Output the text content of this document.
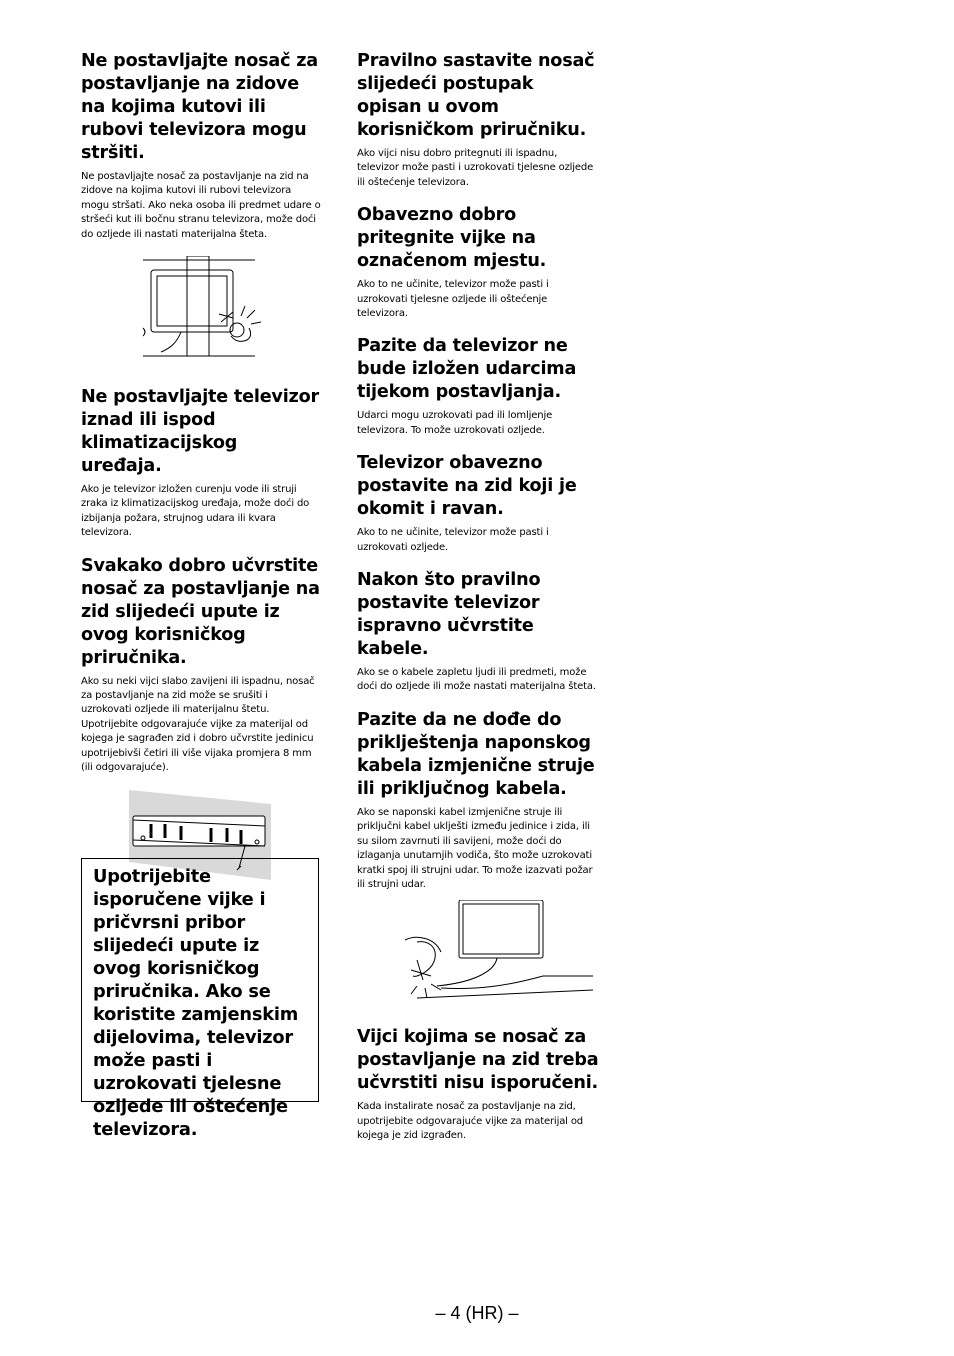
Ne postavljajte nosač za postavljanje na zidove na kojima kutovi ili rubovi televizora mogu stršiti.

Ne postavljajte nosač za postavljanje na zid na zidove na kojima kutovi ili rubovi televizora mogu stršati. Ako neka osoba ili predmet udare o stršeći kut ili bočnu stranu televizora, može doći do ozljede ili nastati materijalna šteta.

Ne postavljajte televizor iznad ili ispod klimatizacijskog uređaja.

Ako je televizor izložen curenju vode ili struji zraka iz klimatizacijskog uređaja, može doći do izbijanja požara, strujnog udara ili kvara televizora.

Svakako dobro učvrstite nosač za postavljanje na zid slijedeći upute iz ovog korisničkog priručnika.

Ako su neki vijci slabo zavijeni ili ispadnu, nosač za postavljanje na zid može se srušiti i uzrokovati ozljede ili materijalnu štetu. Upotrijebite odgovarajuće vijke za materijal od kojega je sagrađen zid i dobro učvrstite jedinicu upotrijebivši četiri ili više vijaka promjera 8 mm (ili odgovarajuće).

Upotrijebite isporučene vijke i pričvrsni pribor slijedeći upute iz ovog korisničkog priručnika. Ako se koristite zamjenskim dijelovima, televizor može pasti i uzrokovati tjelesne ozljede ili oštećenje televizora.

Pravilno sastavite nosač slijedeći postupak opisan u ovom korisničkom priručniku.

Ako vijci nisu dobro pritegnuti ili ispadnu, televizor može pasti i uzrokovati tjelesne ozljede ili oštećenje televizora.

Obavezno dobro pritegnite vijke na označenom mjestu.

Ako to ne učinite, televizor može pasti i uzrokovati tjelesne ozljede ili oštećenje televizora.

Pazite da televizor ne bude izložen udarcima tijekom postavljanja.

Udarci mogu uzrokovati pad ili lomljenje televizora. To može uzrokovati ozljede.

Televizor obavezno postavite na zid koji je okomit i ravan.

Ako to ne učinite, televizor može pasti i uzrokovati ozljede.

Nakon što pravilno postavite televizor ispravno učvrstite kabele.

Ako se o kabele zapletu ljudi ili predmeti, može doći do ozljede ili može nastati materijalna šteta.

Pazite da ne dođe do priklještenja naponskog kabela izmjenične struje ili priključnog kabela.

Ako se naponski kabel izmjenične struje ili priključni kabel uklješti između jedinice i zida, ili su silom zavrnuti ili savijeni, može doći do izlaganja unutarnjih vodiča, što može uzrokovati kratki spoj ili strujni udar. To može izazvati požar ili strujni udar.

Vijci kojima se nosač za postavljanje na zid treba učvrstiti nisu isporučeni.

Kada instalirate nosač za postavljanje na zid, upotrijebite odgovarajuće vijke za materijal od kojega je zid izgrađen.

– 4 (HR) –
